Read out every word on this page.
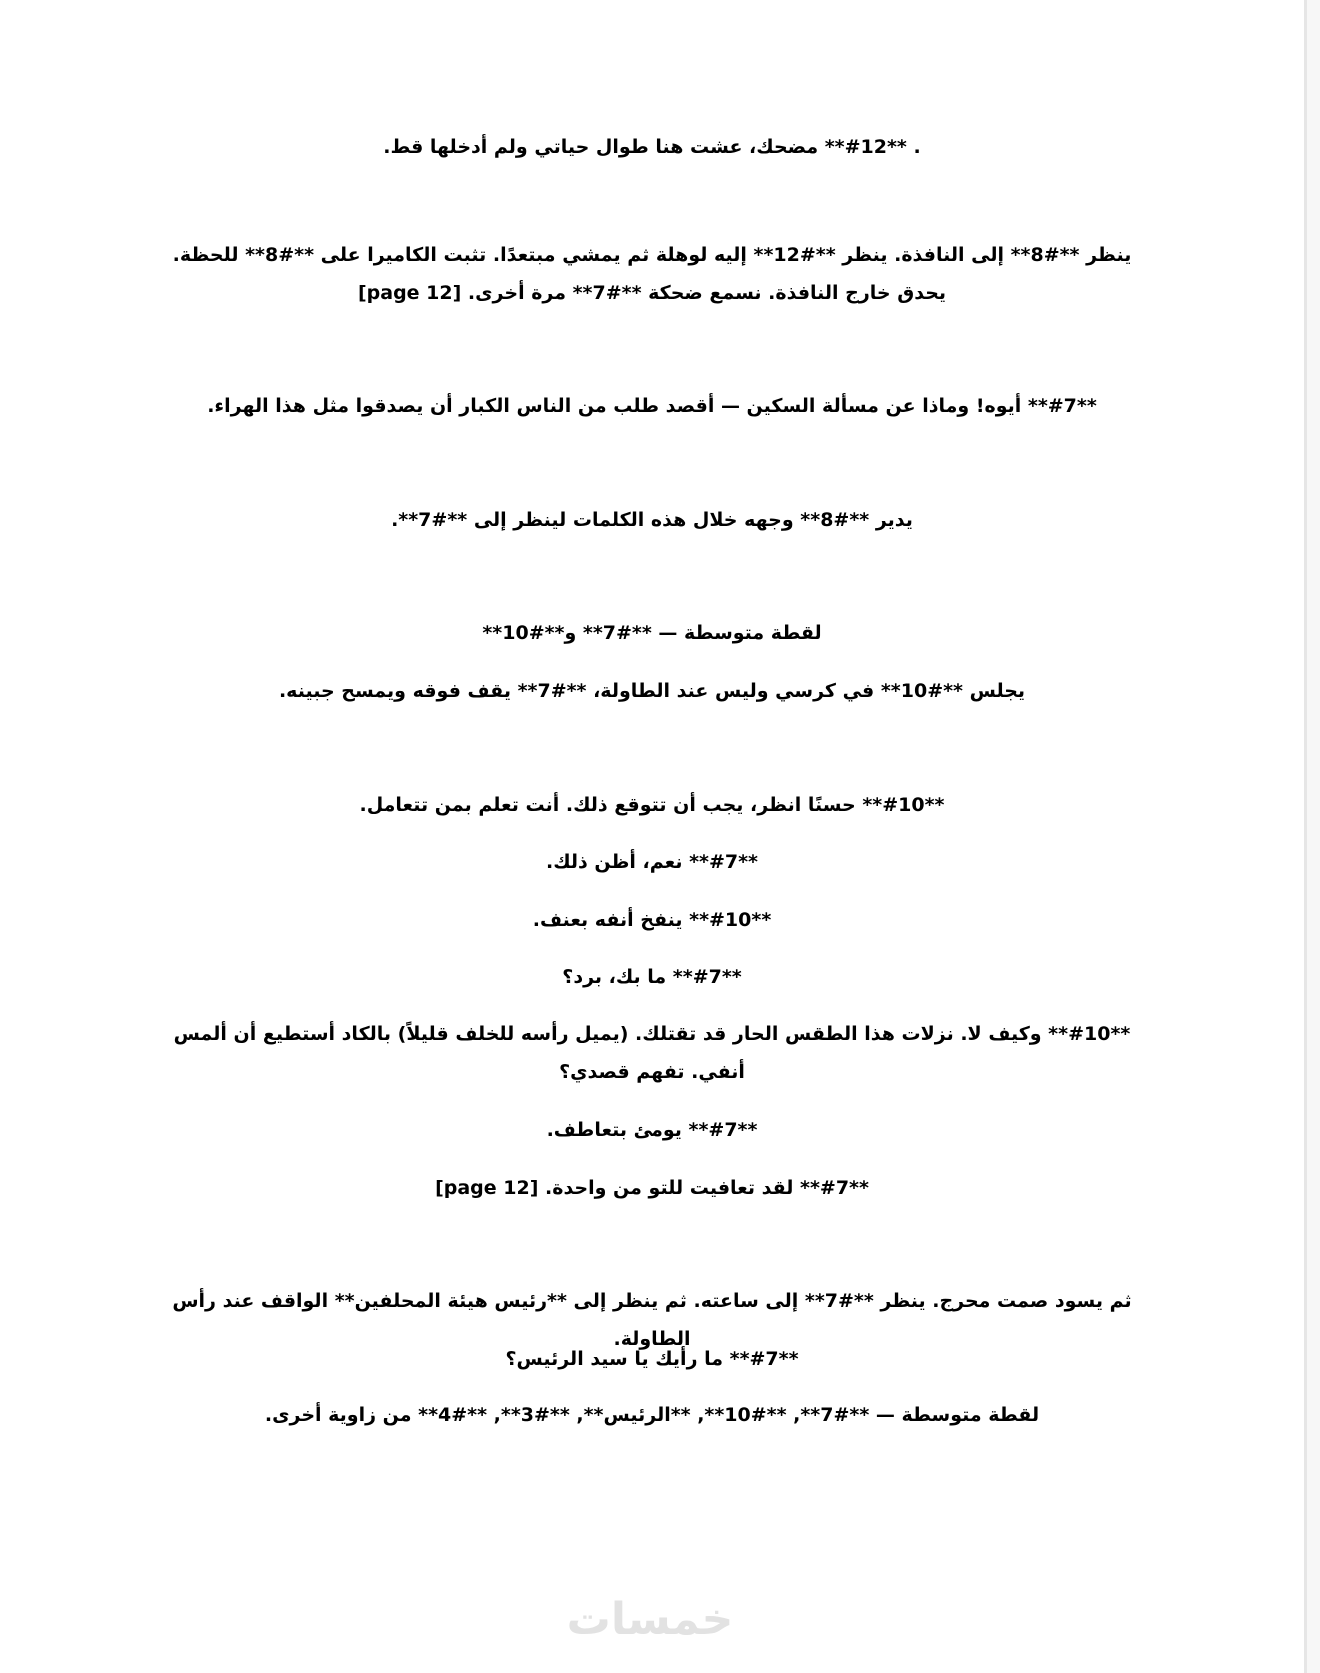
. **#12** مضحك، عشت هنا طوال حياتي ولم أدخلها قط.

ينظر **#8** إلى النافذة. ينظر **#12** إليه لوهلة ثم يمشي مبتعدًا. تثبت الكاميرا على **#8** للحظة. يحدق خارج النافذة. نسمع ضحكة **#7** مرة أخرى. [page 12]

**#7** أيوه! وماذا عن مسألة السكين — أقصد طلب من الناس الكبار أن يصدقوا مثل هذا الهراء.

يدير **#8** وجهه خلال هذه الكلمات لينظر إلى **#7**.

لقطة متوسطة — **#7** و**#10**

يجلس **#10** في كرسي وليس عند الطاولة، **#7** يقف فوقه ويمسح جبينه.

**#10** حسنًا انظر، يجب أن تتوقع ذلك. أنت تعلم بمن تتعامل.

**#7** نعم، أظن ذلك.

**#10** ينفخ أنفه بعنف.

**#7** ما بك، برد؟

**#10** وكيف لا. نزلات هذا الطقس الحار قد تقتلك. (يميل رأسه للخلف قليلاً) بالكاد أستطيع أن ألمس أنفي. تفهم قصدي؟

**#7** يومئ بتعاطف.

**#7** لقد تعافيت للتو من واحدة. [page 12]

ثم يسود صمت محرج. ينظر **#7** إلى ساعته. ثم ينظر إلى **رئيس هيئة المحلفين** الواقف عند رأس الطاولة.

**#7** ما رأيك يا سيد الرئيس؟

لقطة متوسطة — **#7**, **#10**, **الرئيس**, **#3**, **#4** من زاوية أخرى.

خمسات
